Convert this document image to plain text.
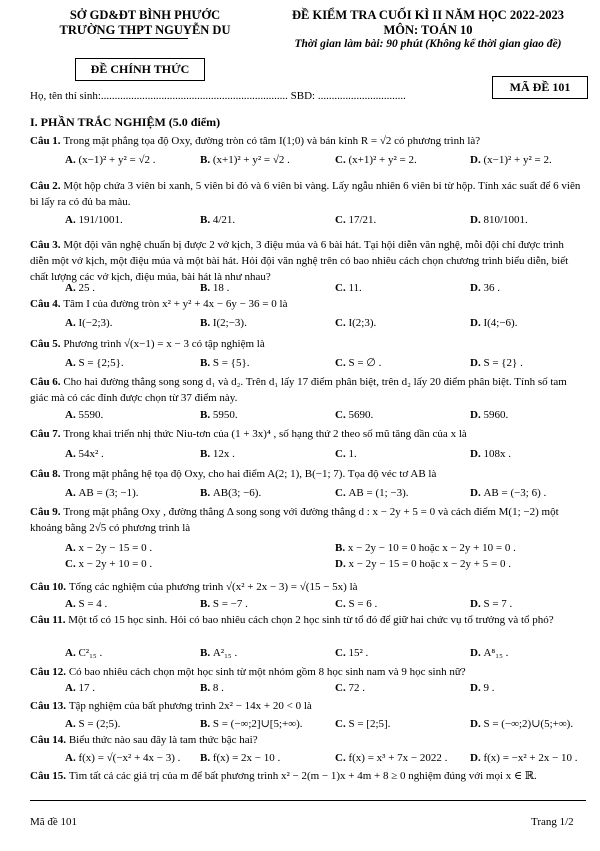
SỞ GD&ĐT BÌNH PHƯỚC
TRƯỜNG THPT NGUYỄN DU
ĐỀ CHÍNH THỨC
ĐỀ KIỂM TRA CUỐI KÌ II NĂM HỌC 2022-2023
MÔN: TOÁN 10
Thời gian làm bài: 90 phút (Không kể thời gian giao đề)
MÃ ĐỀ 101
Họ, tên thí sinh:.................................................................... SBD: ................................
I. PHẦN TRẮC NGHIỆM (5.0 điểm)
Câu 1. Trong mặt phẳng tọa độ Oxy, đường tròn có tâm I(1;0) và bán kính R = √2 có phương trình là?
A. (x−1)² + y² = √2 .	B. (x+1)² + y² = √2 .	C. (x+1)² + y² = 2.	D. (x−1)² + y² = 2.
Câu 2. Một hộp chứa 3 viên bi xanh, 5 viên bi đỏ và 6 viên bi vàng. Lấy ngẫu nhiên 6 viên bi từ hộp. Tính xác suất để 6 viên bi lấy ra có đủ ba màu.
A. 191/1001.	B. 4/21.	C. 17/21.	D. 810/1001.
Câu 3. Một đội văn nghệ chuẩn bị được 2 vở kịch, 3 điệu múa và 6 bài hát. Tại hội diễn văn nghệ, mỗi đội chỉ được trình diễn một vở kịch, một điệu múa và một bài hát. Hỏi đội văn nghệ trên có bao nhiêu cách chọn chương trình biểu diễn, biết chất lượng các vở kịch, điệu múa, bài hát là như nhau?
A. 25 .	B. 18 .	C. 11.	D. 36 .
Câu 4. Tâm I của đường tròn x² + y² + 4x − 6y − 36 = 0 là
A. I(−2;3).	B. I(2;−3).	C. I(2;3).	D. I(4;−6).
Câu 5. Phương trình √(x−1) = x − 3 có tập nghiệm là
A. S = {2;5}.	B. S = {5}.	C. S = ∅ .	D. S = {2} .
Câu 6. Cho hai đường thẳng song song d₁ và d₂. Trên d₁ lấy 17 điểm phân biệt, trên d₂ lấy 20 điểm phân biệt. Tính số tam giác mà có các đỉnh được chọn từ 37 điểm này.
A. 5590.	B. 5950.	C. 5690.	D. 5960.
Câu 7. Trong khai triển nhị thức Niu-tơn của (1 + 3x)⁴ , số hạng thứ 2 theo số mũ tăng dần của x là
A. 54x² .	B. 12x .	C. 1.	D. 108x .
Câu 8. Trong mặt phẳng hệ tọa độ Oxy, cho hai điểm A(2; 1), B(−1; 7). Tọa độ véc tơ AB là
A. AB = (3; −1).	B. AB(3; −6).	C. AB = (1; −3).	D. AB = (−3; 6) .
Câu 9. Trong mặt phẳng Oxy , đường thẳng Δ song song với đường thẳng d : x − 2y + 5 = 0 và cách điểm M(1; −2) một khoảng bằng 2√5 có phương trình là
A. x − 2y − 15 = 0 .	B. x − 2y − 10 = 0 hoặc x − 2y + 10 = 0 .
C. x − 2y + 10 = 0 .	D. x − 2y − 15 = 0 hoặc x − 2y + 5 = 0 .
Câu 10. Tổng các nghiệm của phương trình √(x² + 2x − 3) = √(15 − 5x) là
A. S = 4 .	B. S = −7 .	C. S = 6 .	D. S = 7 .
Câu 11. Một tổ có 15 học sinh. Hỏi có bao nhiêu cách chọn 2 học sinh từ tổ đó để giữ hai chức vụ tổ trưởng và tổ phó?
A. C²₁₅ .	B. A²₁₅ .	C. 15² .	D. A⁸₁₅ .
Câu 12. Có bao nhiêu cách chọn một học sinh từ một nhóm gồm 8 học sinh nam và 9 học sinh nữ?
A. 17 .	B. 8 .	C. 72 .	D. 9 .
Câu 13. Tập nghiệm của bất phương trình 2x² − 14x + 20 < 0 là
A. S = (2;5).	B. S = (−∞;2]∪[5;+∞).	C. S = [2;5].	D. S = (−∞;2)∪(5;+∞).
Câu 14. Biểu thức nào sau đây là tam thức bậc hai?
A. f(x) = √(−x² + 4x − 3) . B. f(x) = 2x − 10 .	C. f(x) = x³ + 7x − 2022 . D. f(x) = −x² + 2x − 10 .
Câu 15. Tìm tất cả các giá trị của m để bất phương trình x² − 2(m − 1)x + 4m + 8 ≥ 0 nghiệm đúng với mọi x ∈ ℝ.
Mã đề 101	Trang 1/2
